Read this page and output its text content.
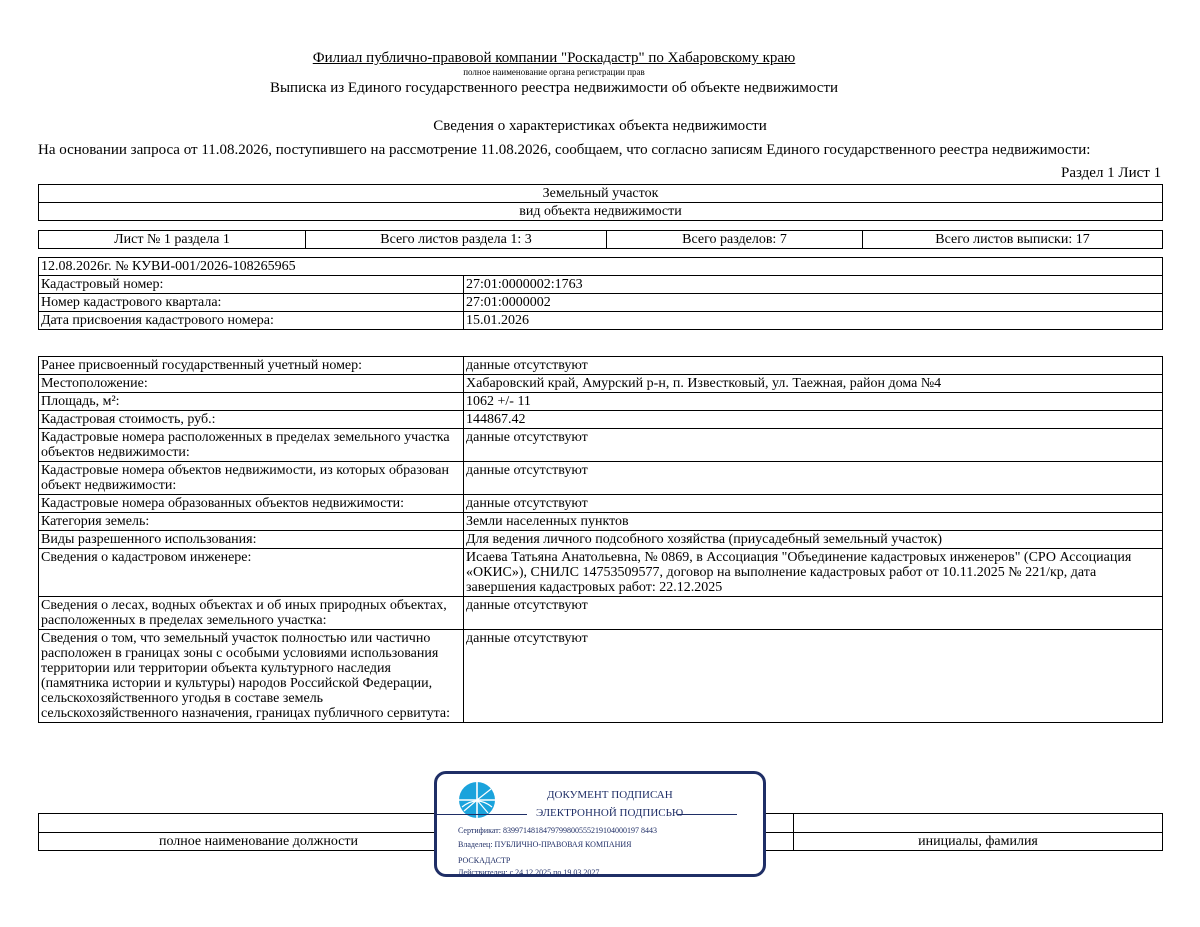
Филиал публично-правовой компании "Роскадастр" по Хабаровскому краю
полное наименование органа регистрации прав
Выписка из Единого государственного реестра недвижимости об объекте недвижимости
Сведения о характеристиках объекта недвижимости
На основании запроса от 11.08.2026, поступившего на рассмотрение 11.08.2026, сообщаем, что согласно записям Единого государственного реестра недвижимости:
Раздел 1 Лист 1
Земельный участок
вид объекта недвижимости
Лист № 1 раздела 1	Всего листов раздела 1: 3	Всего разделов: 7	Всего листов выписки: 17
12.08.2026г. № КУВИ-001/2026-108265965	
Кадастровый номер:	27:01:0000002:1763
Номер кадастрового квартала:	27:01:0000002
Дата присвоения кадастрового номера:	15.01.2026
Ранее присвоенный государственный учетный номер:	данные отсутствуют
Местоположение:	Хабаровский край, Амурский р-н, п. Известковый, ул. Таежная, район дома №4
Площадь, м²:	1062 +/- 11
Кадастровая стоимость, руб.:	144867.42
Кадастровые номера расположенных в пределах земельного участка объектов недвижимости:	данные отсутствуют
Кадастровые номера объектов недвижимости, из которых образован объект недвижимости:	данные отсутствуют
Кадастровые номера образованных объектов недвижимости:	данные отсутствуют
Категория земель:	Земли населенных пунктов
Виды разрешенного использования:	Для ведения личного подсобного хозяйства (приусадебный земельный участок)
Сведения о кадастровом инженере:	Исаева Татьяна Анатольевна, № 0869, в Ассоциация "Объединение кадастровых инженеров" (СРО Ассоциация «ОКИС»), СНИЛС 14753509577, договор на выполнение кадастровых работ от 10.11.2025 № 221/кр, дата завершения кадастровых работ: 22.12.2025
Сведения о лесах, водных объектах и об иных природных объектах, расположенных в пределах земельного участка:	данные отсутствуют
Сведения о том, что земельный участок полностью или частично расположен в границах зоны с особыми условиями использования территории или территории объекта культурного наследия (памятника истории и культуры) народов Российской Федерации, сельскохозяйственного угодья в составе земель сельскохозяйственного назначения, границах публичного сервитута:	данные отсутствуют

полное наименование должности		инициалы, фамилия
ДОКУМЕНТ ПОДПИСАН
ЭЛЕКТРОННОЙ ПОДПИСЬЮ
Сертификат: 8399714818479799800555219104000197 8443
Владелец: ПУБЛИЧНО-ПРАВОВАЯ КОМПАНИЯ
РОСКАДАСТР
Действителен: с 24.12.2025 по 19.03.2027
